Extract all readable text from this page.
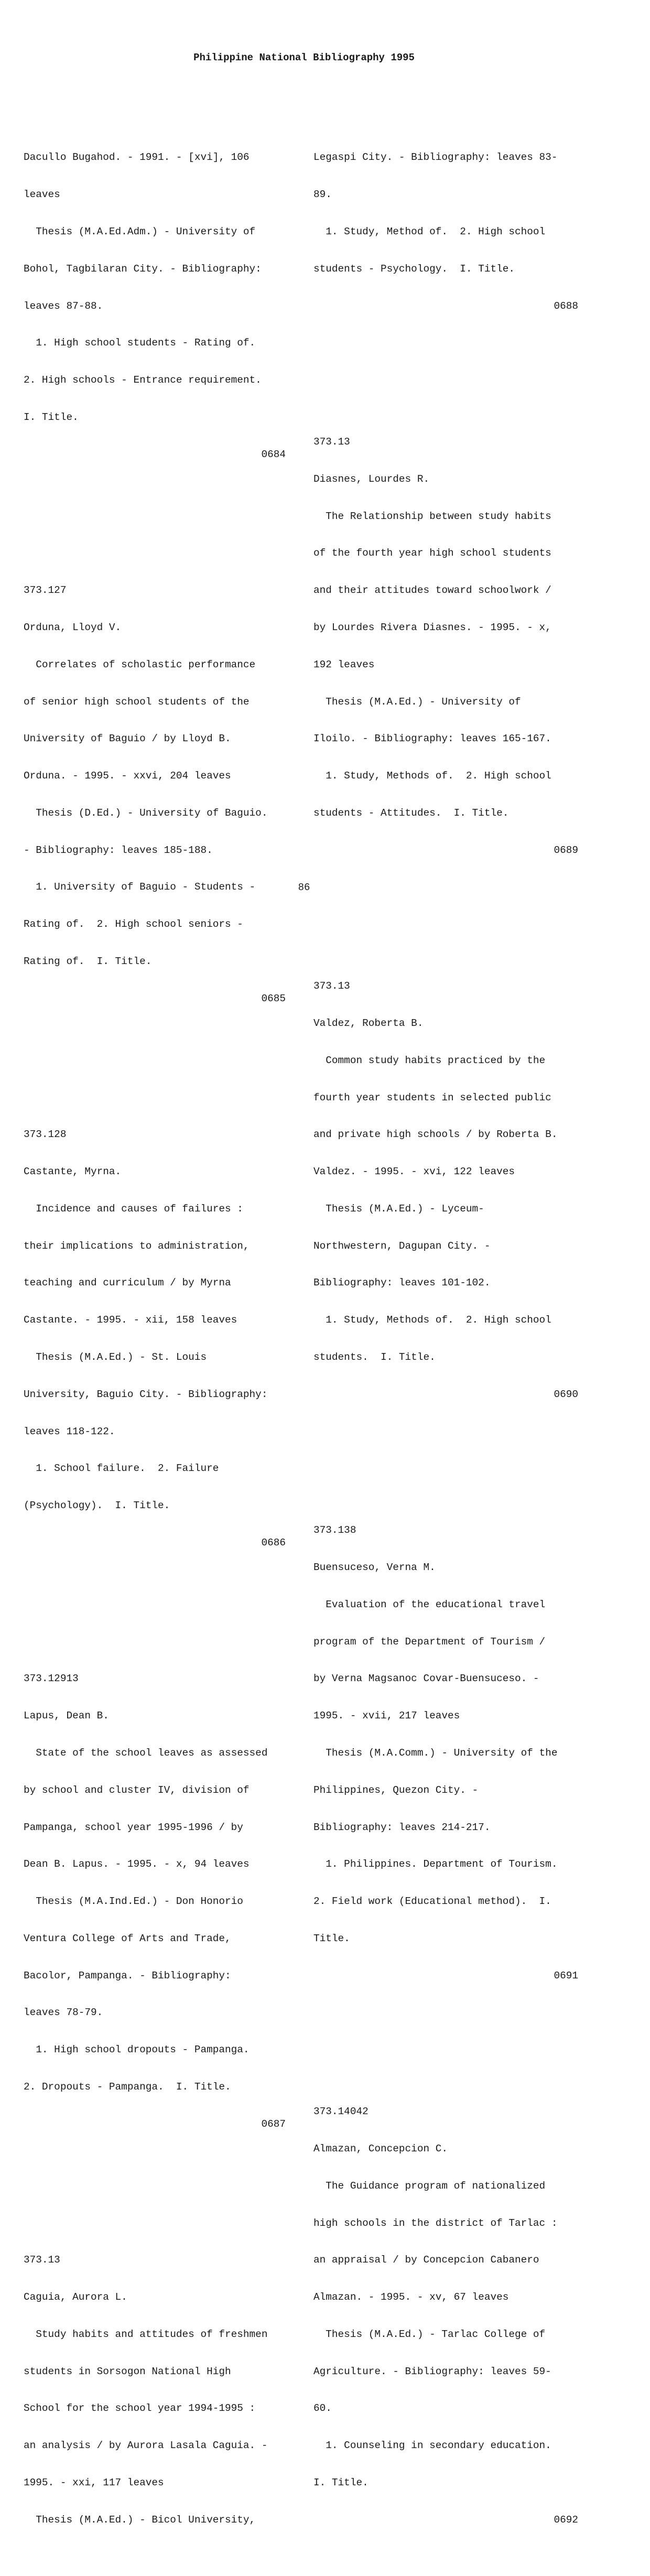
Philippine National Bibliography 1995

Dacullo Bugahod. - 1991. - [xvi], 106

leaves

Thesis (M.A.Ed.Adm.) - University of

Bohol, Tagbilaran City. - Bibliography:

leaves 87-88.

1. High school students - Rating of.

2. High schools - Entrance requirement.

I. Title.

0684

373.127

Orduna, Lloyd V.

Correlates of scholastic performance

of senior high school students of the

University of Baguio / by Lloyd B.

Orduna. - 1995. - xxvi, 204 leaves

Thesis (D.Ed.) - University of Baguio.

- Bibliography: leaves 185-188.

1. University of Baguio - Students -

Rating of.  2. High school seniors -

Rating of.  I. Title.

0685

373.128

Castante, Myrna.

Incidence and causes of failures :

their implications to administration,

teaching and curriculum / by Myrna

Castante. - 1995. - xii, 158 leaves

Thesis (M.A.Ed.) - St. Louis

University, Baguio City. - Bibliography:

leaves 118-122.

1. School failure.  2. Failure

(Psychology).  I. Title.

0686

373.12913

Lapus, Dean B.

State of the school leaves as assessed

by school and cluster IV, division of

Pampanga, school year 1995-1996 / by

Dean B. Lapus. - 1995. - x, 94 leaves

Thesis (M.A.Ind.Ed.) - Don Honorio

Ventura College of Arts and Trade,

Bacolor, Pampanga. - Bibliography:

leaves 78-79.

1. High school dropouts - Pampanga.

2. Dropouts - Pampanga.  I. Title.

0687

373.13

Caguia, Aurora L.

Study habits and attitudes of freshmen

students in Sorsogon National High

School for the school year 1994-1995 :

an analysis / by Aurora Lasala Caguia. -

1995. - xxi, 117 leaves

Thesis (M.A.Ed.) - Bicol University,

Legaspi City. - Bibliography: leaves 83-

89.

1. Study, Method of.  2. High school

students - Psychology.  I. Title.

0688

373.13

Diasnes, Lourdes R.

The Relationship between study habits

of the fourth year high school students

and their attitudes toward schoolwork /

by Lourdes Rivera Diasnes. - 1995. - x,

192 leaves

Thesis (M.A.Ed.) - University of

Iloilo. - Bibliography: leaves 165-167.

1. Study, Methods of.  2. High school

students - Attitudes.  I. Title.

0689

373.13

Valdez, Roberta B.

Common study habits practiced by the

fourth year students in selected public

and private high schools / by Roberta B.

Valdez. - 1995. - xvi, 122 leaves

Thesis (M.A.Ed.) - Lyceum-

Northwestern, Dagupan City. -

Bibliography: leaves 101-102.

1. Study, Methods of.  2. High school

students.  I. Title.

0690

373.138

Buensuceso, Verna M.

Evaluation of the educational travel

program of the Department of Tourism /

by Verna Magsanoc Covar-Buensuceso. -

1995. - xvii, 217 leaves

Thesis (M.A.Comm.) - University of the

Philippines, Quezon City. -

Bibliography: leaves 214-217.

1. Philippines. Department of Tourism.

2. Field work (Educational method).  I.

Title.

0691

373.14042

Almazan, Concepcion C.

The Guidance program of nationalized

high schools in the district of Tarlac :

an appraisal / by Concepcion Cabanero

Almazan. - 1995. - xv, 67 leaves

Thesis (M.A.Ed.) - Tarlac College of

Agriculture. - Bibliography: leaves 59-

60.

1. Counseling in secondary education.

I. Title.

0692

86
